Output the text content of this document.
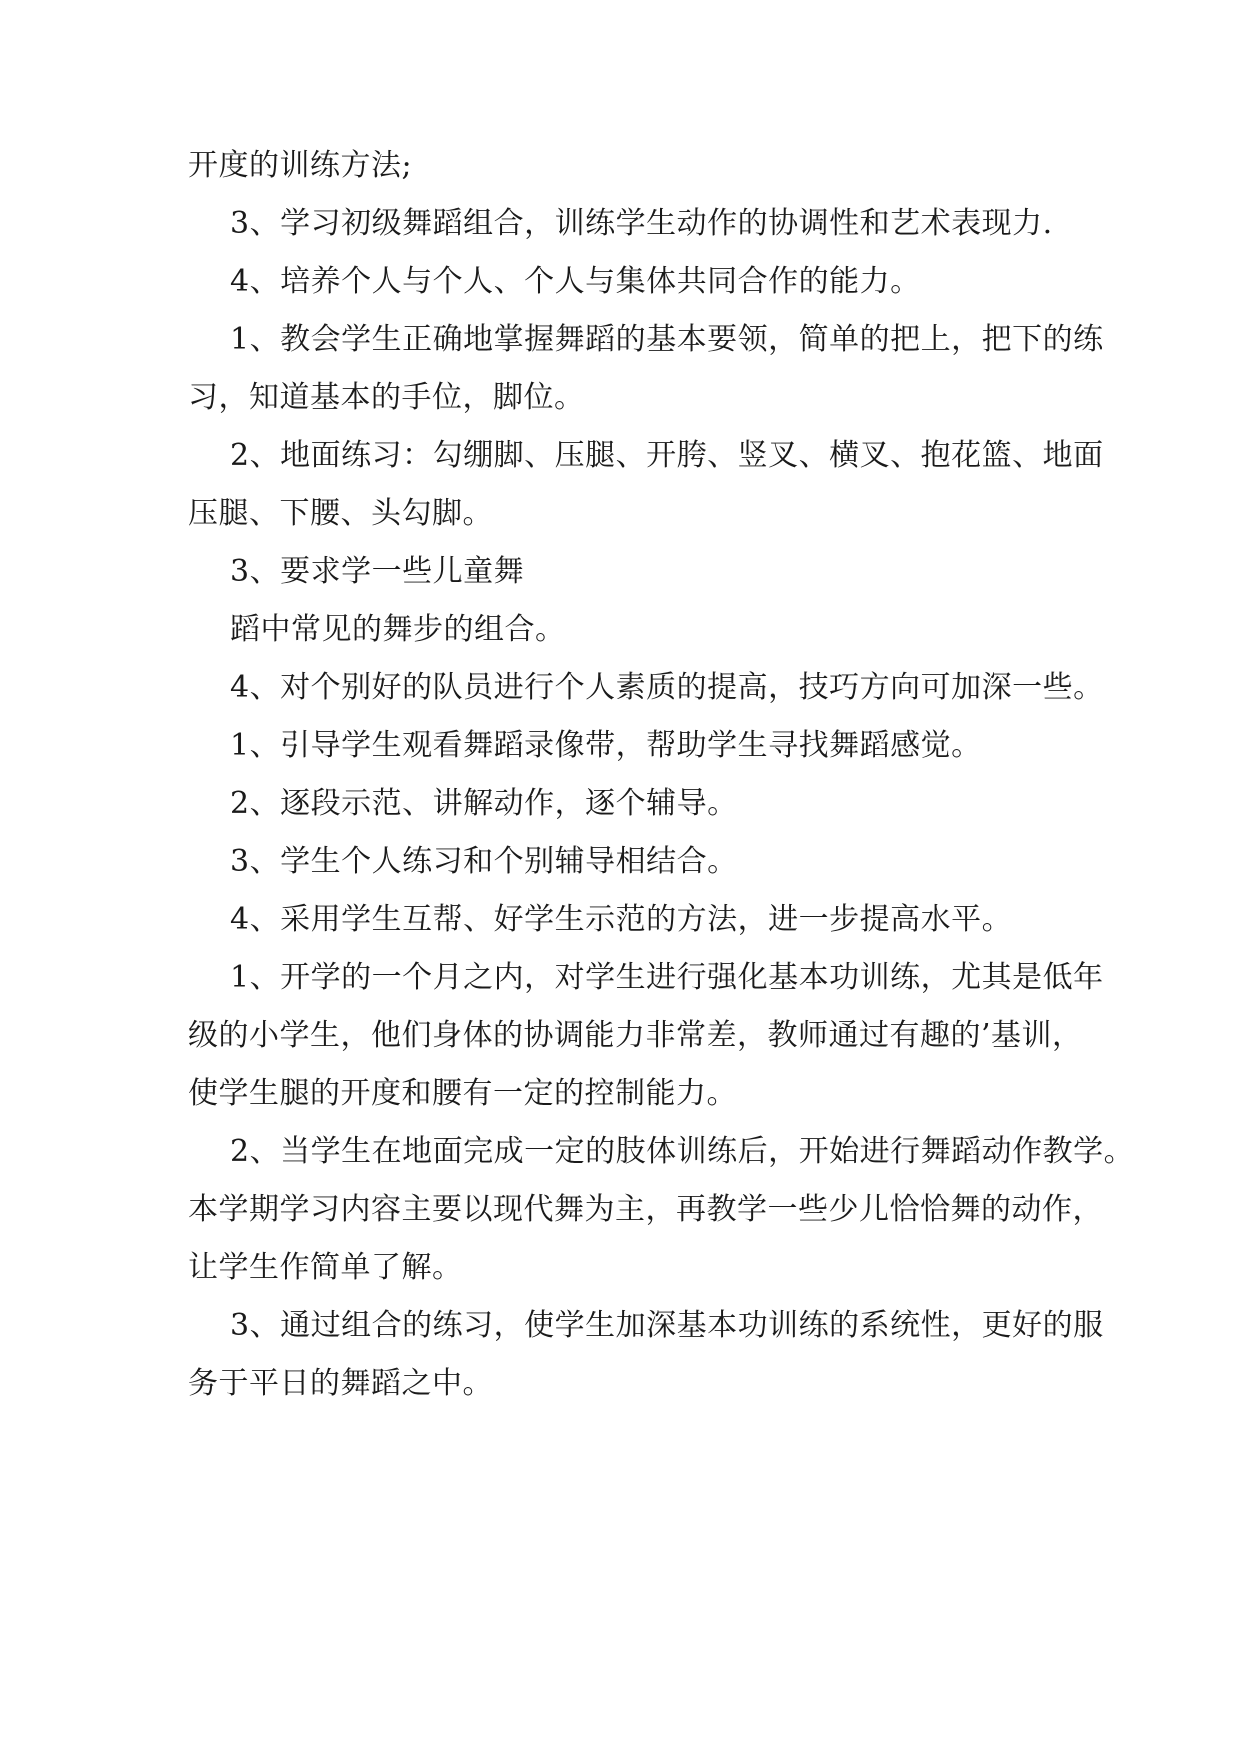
开度的训练方法;
3、学习初级舞蹈组合，训练学生动作的协调性和艺术表现力.
4、培养个人与个人、个人与集体共同合作的能力。
1、教会学生正确地掌握舞蹈的基本要领，简单的把上，把下的练
习，知道基本的手位，脚位。
2、地面练习：勾绷脚、压腿、开胯、竖叉、横叉、抱花篮、地面
压腿、下腰、头勾脚。
3、要求学一些儿童舞
蹈中常见的舞步的组合。
4、对个别好的队员进行个人素质的提高，技巧方向可加深一些。
1、引导学生观看舞蹈录像带，帮助学生寻找舞蹈感觉。
2、逐段示范、讲解动作，逐个辅导。
3、学生个人练习和个别辅导相结合。
4、采用学生互帮、好学生示范的方法，进一步提高水平。
1、开学的一个月之内，对学生进行强化基本功训练，尤其是低年
级的小学生，他们身体的协调能力非常差，教师通过有趣的’基训，
使学生腿的开度和腰有一定的控制能力。
2、当学生在地面完成一定的肢体训练后，开始进行舞蹈动作教学。
本学期学习内容主要以现代舞为主，再教学一些少儿恰恰舞的动作，
让学生作简单了解。
3、通过组合的练习，使学生加深基本功训练的系统性，更好的服
务于平日的舞蹈之中。
